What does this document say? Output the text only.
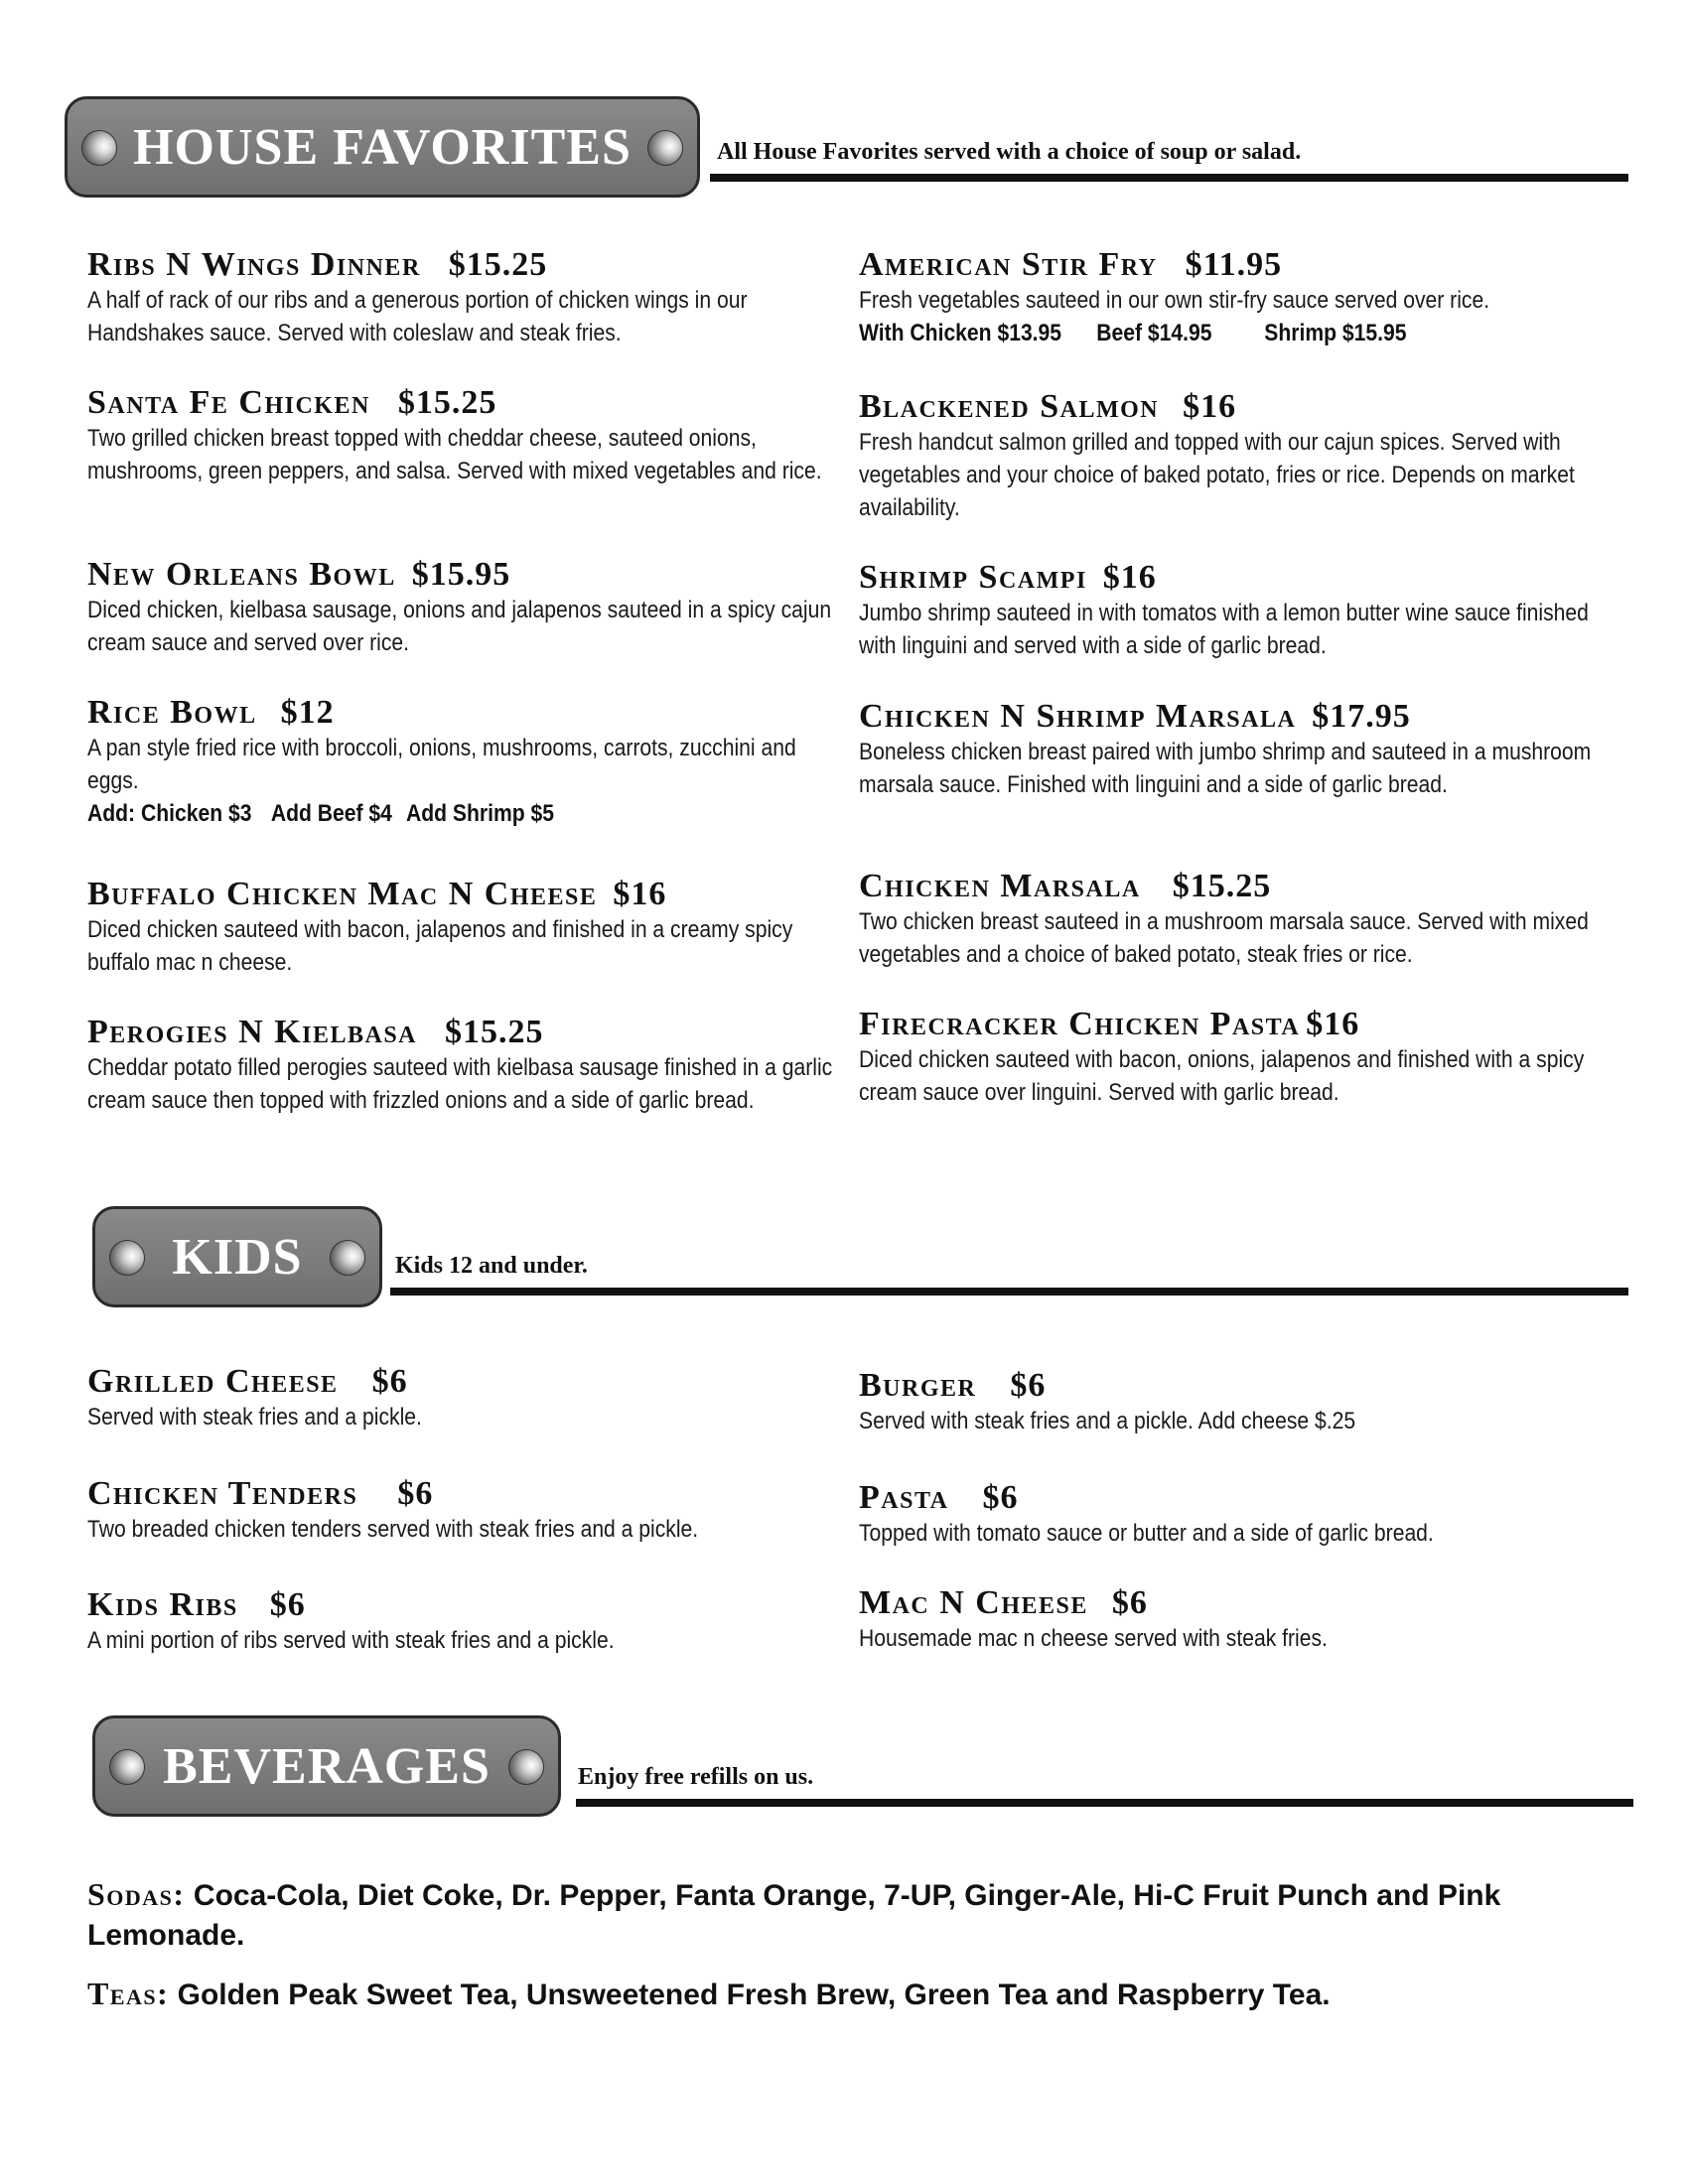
HOUSE FAVORITES	All House Favorites served with a choice of soup or salad.
Ribs N Wings Dinner $15.25
A half of rack of our ribs and a generous portion of chicken wings in our Handshakes sauce. Served with coleslaw and steak fries.
Santa Fe Chicken $15.25
Two grilled chicken breast topped with cheddar cheese, sauteed onions, mushrooms, green peppers, and salsa. Served with mixed vegetables and rice.
New Orleans Bowl $15.95
Diced chicken, kielbasa sausage, onions and jalapenos sauteed in a spicy cajun cream sauce and served over rice.
Rice Bowl $12
A pan style fried rice with broccoli, onions, mushrooms, carrots, zucchini and eggs.
Add: Chicken $3 Add Beef $4 Add Shrimp $5
Buffalo Chicken Mac N Cheese $16
Diced chicken sauteed with bacon, jalapenos and finished in a creamy spicy buffalo mac n cheese.
Perogies N Kielbasa $15.25
Cheddar potato filled perogies sauteed with kielbasa sausage finished in a garlic cream sauce then topped with frizzled onions and a side of garlic bread.
American Stir Fry $11.95
Fresh vegetables sauteed in our own stir-fry sauce served over rice.
With Chicken $13.95 Beef $14.95 Shrimp $15.95
Blackened Salmon $16
Fresh handcut salmon grilled and topped with our cajun spices. Served with vegetables and your choice of baked potato, fries or rice. Depends on market availability.
Shrimp Scampi $16
Jumbo shrimp sauteed in with tomatos with a lemon butter wine sauce finished with linguini and served with a side of garlic bread.
Chicken N Shrimp Marsala $17.95
Boneless chicken breast paired with jumbo shrimp and sauteed in a mushroom marsala sauce. Finished with linguini and a side of garlic bread.
Chicken Marsala $15.25
Two chicken breast sauteed in a mushroom marsala sauce. Served with mixed vegetables and a choice of baked potato, steak fries or rice.
Firecracker Chicken Pasta $16
Diced chicken sauteed with bacon, onions, jalapenos and finished with a spicy cream sauce over linguini. Served with garlic bread.
KIDS	Kids 12 and under.
Grilled Cheese $6
Served with steak fries and a pickle.
Chicken Tenders $6
Two breaded chicken tenders served with steak fries and a pickle.
Kids Ribs $6
A mini portion of ribs served with steak fries and a pickle.
Burger $6
Served with steak fries and a pickle. Add cheese $.25
Pasta $6
Topped with tomato sauce or butter and a side of garlic bread.
Mac N Cheese $6
Housemade mac n cheese served with steak fries.
BEVERAGES	Enjoy free refills on us.
Sodas: Coca-Cola, Diet Coke, Dr. Pepper, Fanta Orange, 7-UP, Ginger-Ale, Hi-C Fruit Punch and Pink Lemonade.
Teas: Golden Peak Sweet Tea, Unsweetened Fresh Brew, Green Tea and Raspberry Tea.
